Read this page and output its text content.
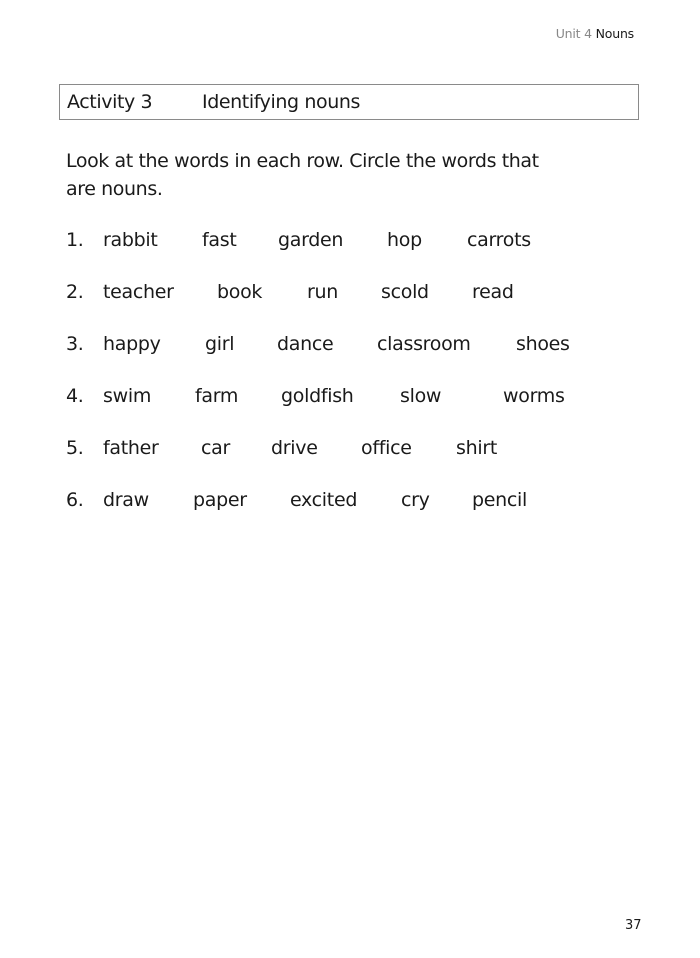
Unit 4 Nouns
Activity 3	Identifying nouns
Look at the words in each row. Circle the words that are nouns.
1. rabbit fast garden hop carrots
2. teacher book run scold read
3. happy girl dance classroom shoes
4. swim farm goldfish slow	worms
5. father car drive office shirt
6. draw paper excited cry pencil
37
